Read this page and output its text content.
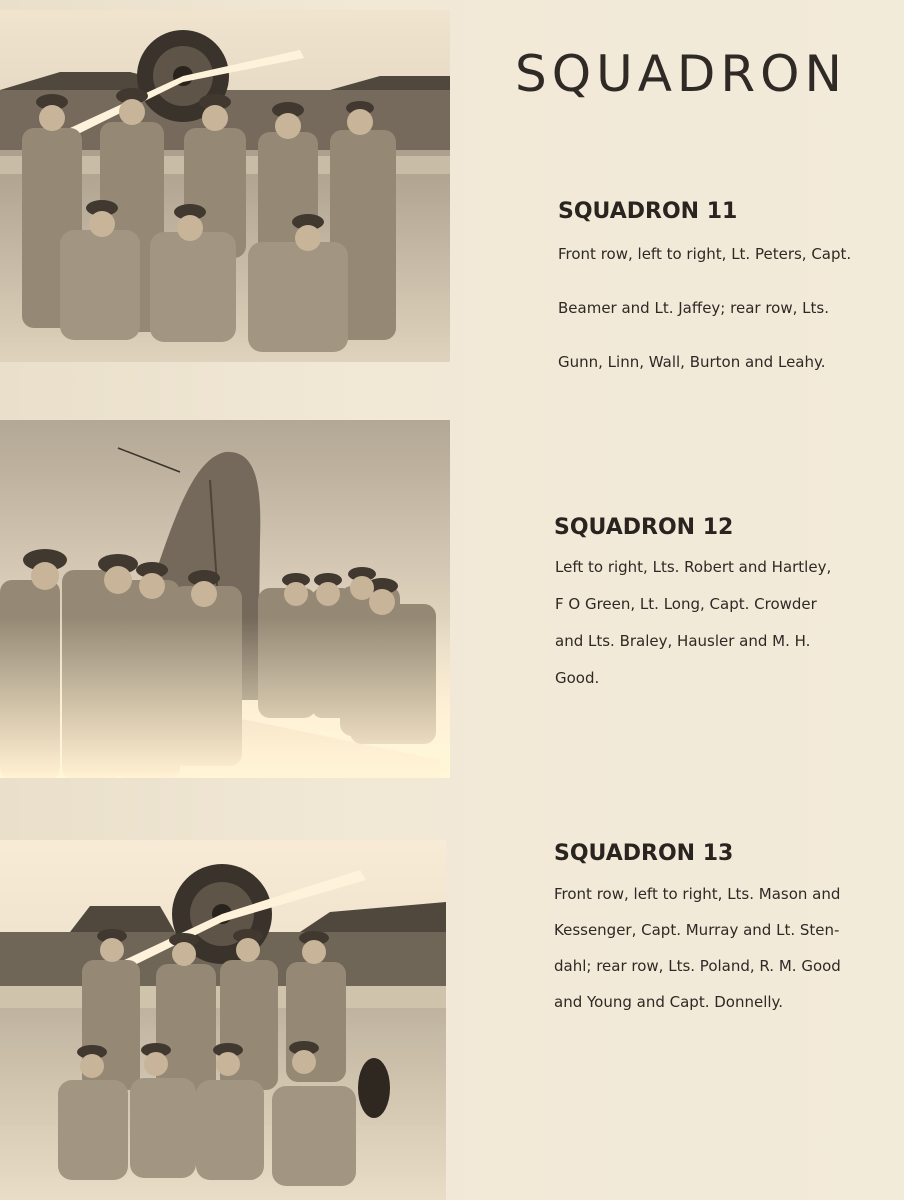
SQUADRON
SQUADRON 11
Front row, left to right, Lt. Peters, Capt.
Beamer and Lt. Jaffey; rear row, Lts.
Gunn, Linn, Wall, Burton and Leahy.
SQUADRON 12
Left to right, Lts. Robert and Hartley,
F O Green, Lt. Long, Capt. Crowder
and Lts. Braley, Hausler and M. H.
Good.
SQUADRON 13
Front row, left to right, Lts. Mason and
Kessenger, Capt. Murray and Lt. Sten-
dahl; rear row, Lts. Poland, R. M. Good
and Young and Capt. Donnelly.
